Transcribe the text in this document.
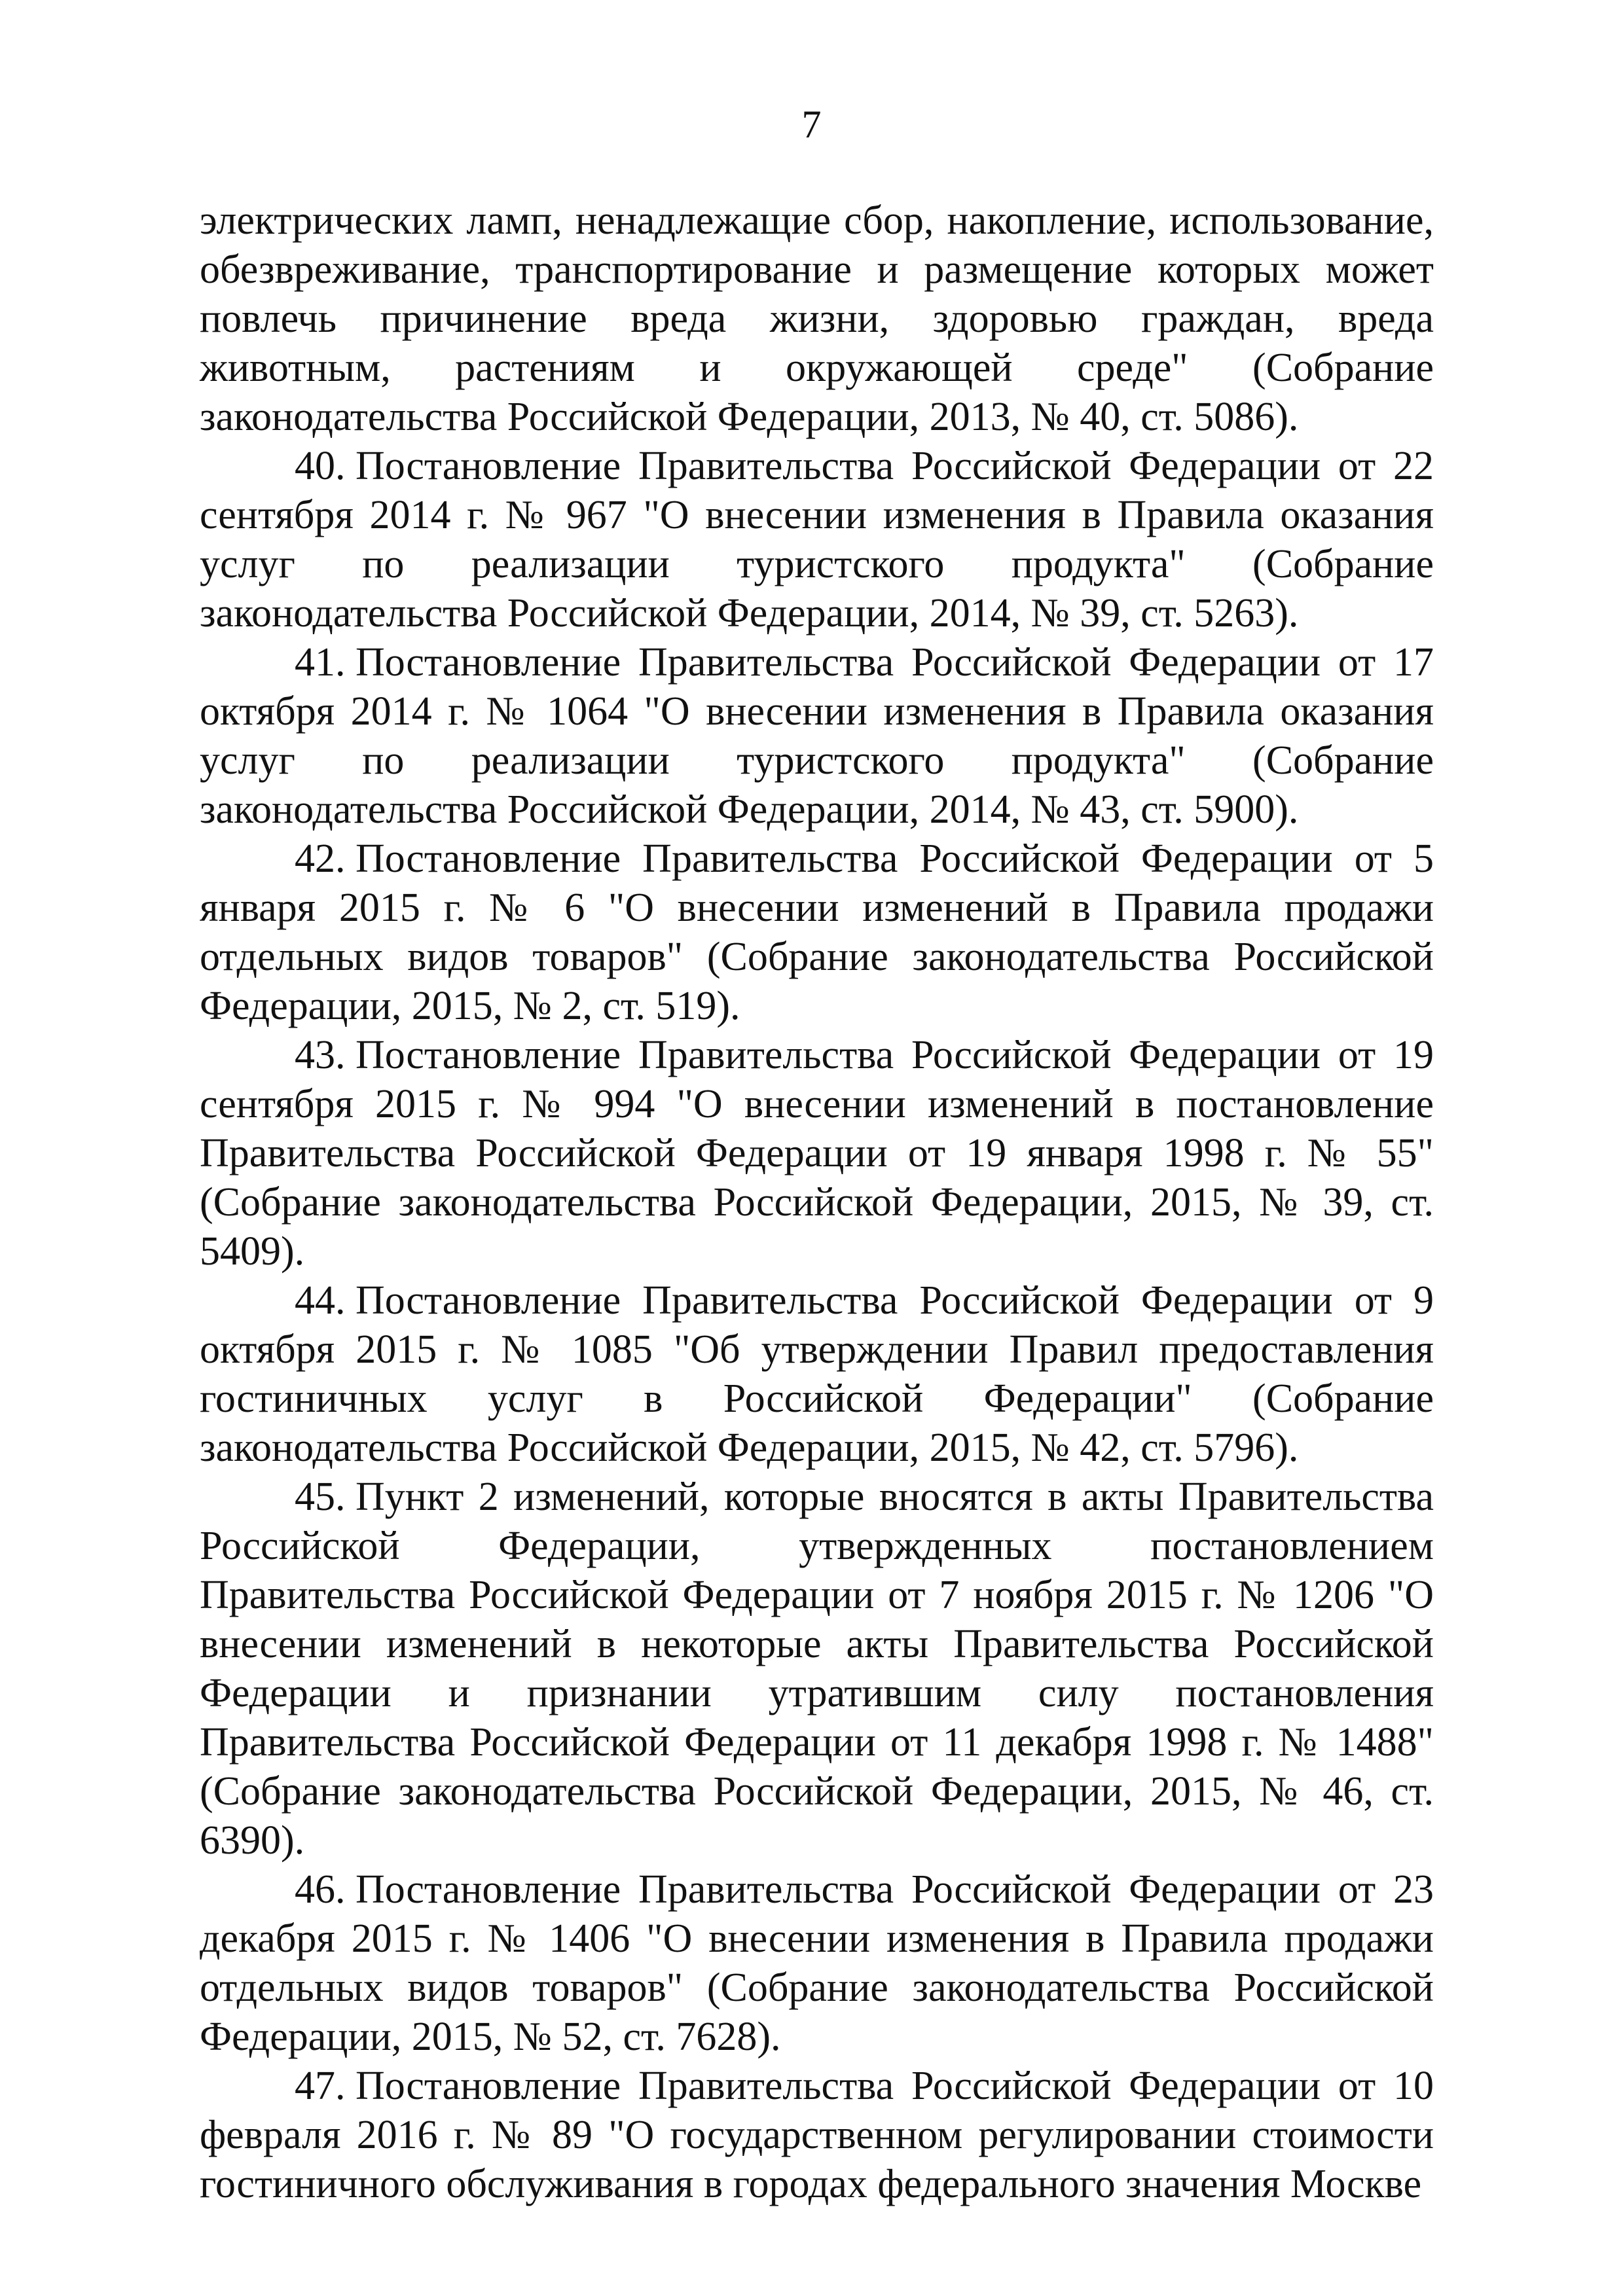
7

электрических ламп, ненадлежащие сбор, накопление, использование, обезвреживание, транспортирование и размещение которых может повлечь причинение вреда жизни, здоровью граждан, вреда животным, растениям и окружающей среде" (Собрание законодательства Российской Федерации, 2013, № 40, ст. 5086).

40. Постановление Правительства Российской Федерации от 22 сентября 2014 г. № 967 "О внесении изменения в Правила оказания услуг по реализации туристского продукта" (Собрание законодательства Российской Федерации, 2014, № 39, ст. 5263).

41. Постановление Правительства Российской Федерации от 17 октября 2014 г. № 1064 "О внесении изменения в Правила оказания услуг по реализации туристского продукта" (Собрание законодательства Российской Федерации, 2014, № 43, ст. 5900).

42. Постановление Правительства Российской Федерации от 5 января 2015 г. № 6 "О внесении изменений в Правила продажи отдельных видов товаров" (Собрание законодательства Российской Федерации, 2015, № 2, ст. 519).

43. Постановление Правительства Российской Федерации от 19 сентября 2015 г. № 994 "О внесении изменений в постановление Правительства Российской Федерации от 19 января 1998 г. № 55" (Собрание законодательства Российской Федерации, 2015, № 39, ст. 5409).

44. Постановление Правительства Российской Федерации от 9 октября 2015 г. № 1085 "Об утверждении Правил предоставления гостиничных услуг в Российской Федерации" (Собрание законодательства Российской Федерации, 2015, № 42, ст. 5796).

45. Пункт 2 изменений, которые вносятся в акты Правительства Российской Федерации, утвержденных постановлением Правительства Российской Федерации от 7 ноября 2015 г. № 1206 "О внесении изменений в некоторые акты Правительства Российской Федерации и признании утратившим силу постановления Правительства Российской Федерации от 11 декабря 1998 г. № 1488" (Собрание законодательства Российской Федерации, 2015, № 46, ст. 6390).

46. Постановление Правительства Российской Федерации от 23 декабря 2015 г. № 1406 "О внесении изменения в Правила продажи отдельных видов товаров" (Собрание законодательства Российской Федерации, 2015, № 52, ст. 7628).

47. Постановление Правительства Российской Федерации от 10 февраля 2016 г. № 89 "О государственном регулировании стоимости гостиничного обслуживания в городах федерального значения Москве
